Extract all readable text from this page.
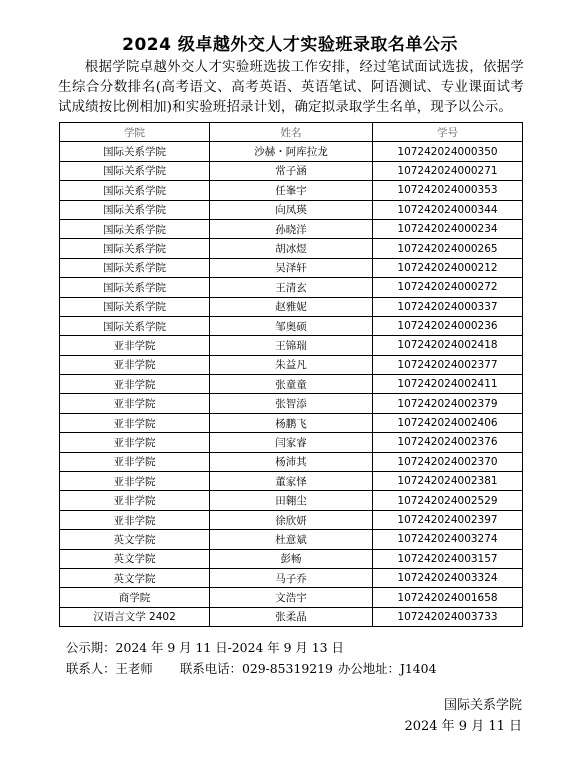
2024 级卓越外交人才实验班录取名单公示
根据学院卓越外交人才实验班选拔工作安排，经过笔试面试选拔，依据学生综合分数排名(高考语文、高考英语、英语笔试、阿语测试、专业课面试考试成绩按比例相加)和实验班招录计划，确定拟录取学生名单，现予以公示。
学院	姓名	学号
国际关系学院	沙赫・阿库拉龙	107242024000350
国际关系学院	常子涵	107242024000271
国际关系学院	任峯宇	107242024000353
国际关系学院	向凤瑛	107242024000344
国际关系学院	孙晓洋	107242024000234
国际关系学院	胡冰煜	107242024000265
国际关系学院	吴泽轩	107242024000212
国际关系学院	王清玄	107242024000272
国际关系学院	赵雅妮	107242024000337
国际关系学院	邹奥硕	107242024000236
亚非学院	王锦瑞	107242024002418
亚非学院	朱益凡	107242024002377
亚非学院	张童童	107242024002411
亚非学院	张智添	107242024002379
亚非学院	杨鹏飞	107242024002406
亚非学院	闫家睿	107242024002376
亚非学院	杨沛其	107242024002370
亚非学院	董家怿	107242024002381
亚非学院	田翱尘	107242024002529
亚非学院	徐欣妍	107242024002397
英文学院	杜意斌	107242024003274
英文学院	彭畅	107242024003157
英文学院	马子乔	107242024003324
商学院	文浩宇	107242024001658
汉语言文学 2402	张柔晶	107242024003733
公示期：2024 年 9 月 11 日-2024 年 9 月 13 日
联系人：王老师 联系电话：029-85319219 办公地址：J1404
国际关系学院
2024 年 9 月 11 日
